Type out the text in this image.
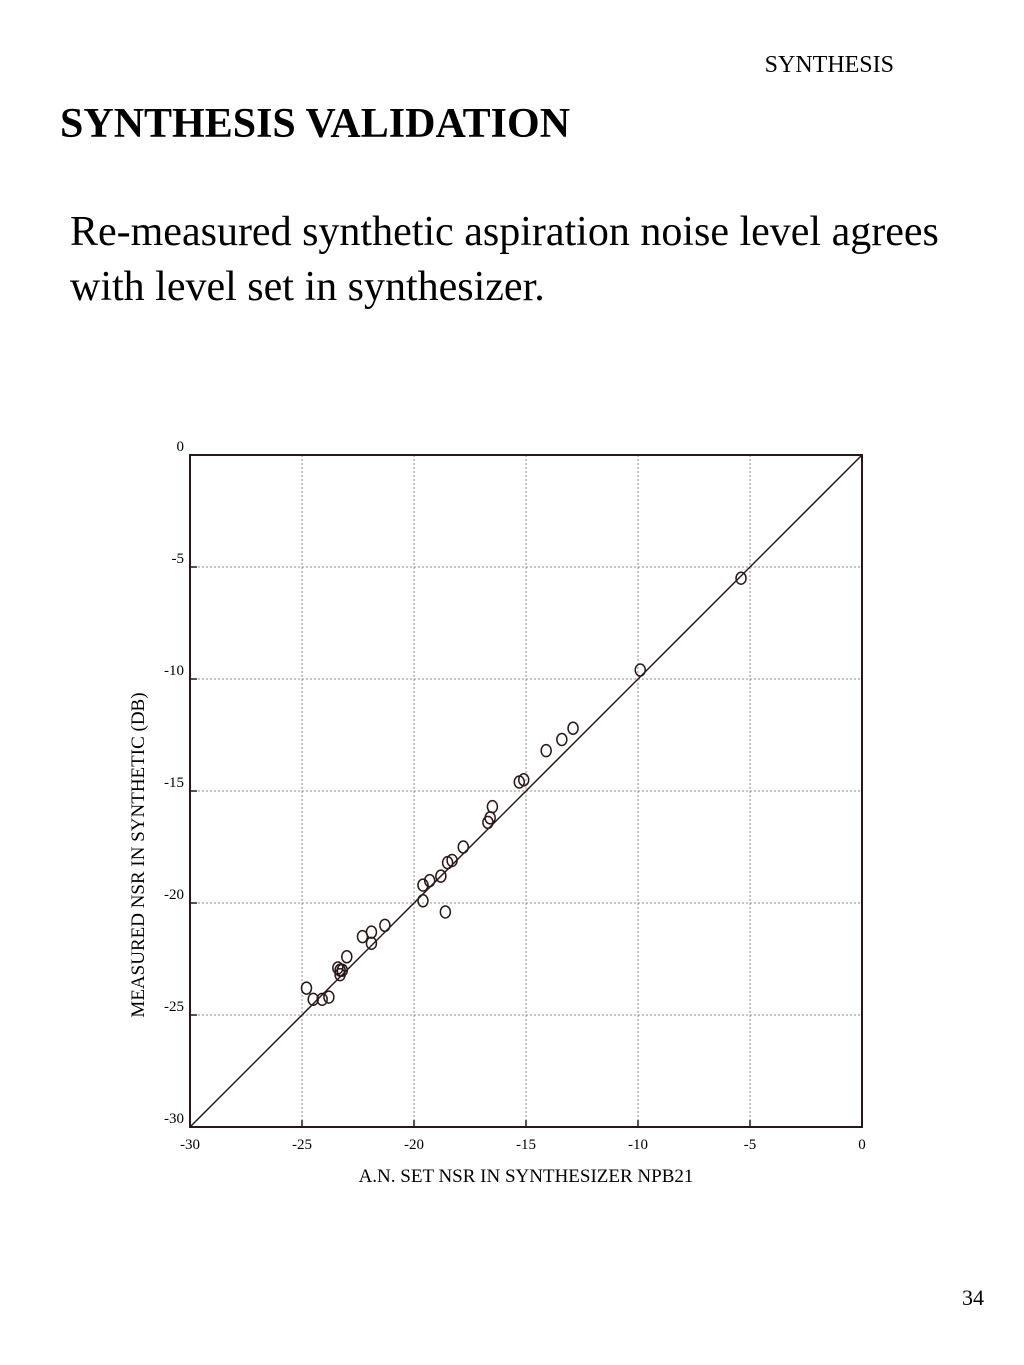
SYNTHESIS
SYNTHESIS VALIDATION

Re-measured synthetic aspiration noise level agrees with level set in synthesizer.

-30	-25	-20	-15	-10	-5	0
0
-5
-10
-15
-20
-25
-30
A.N. SET NSR IN SYNTHESIZER NPB21
MEASURED NSR IN SYNTHETIC (DB)
34
